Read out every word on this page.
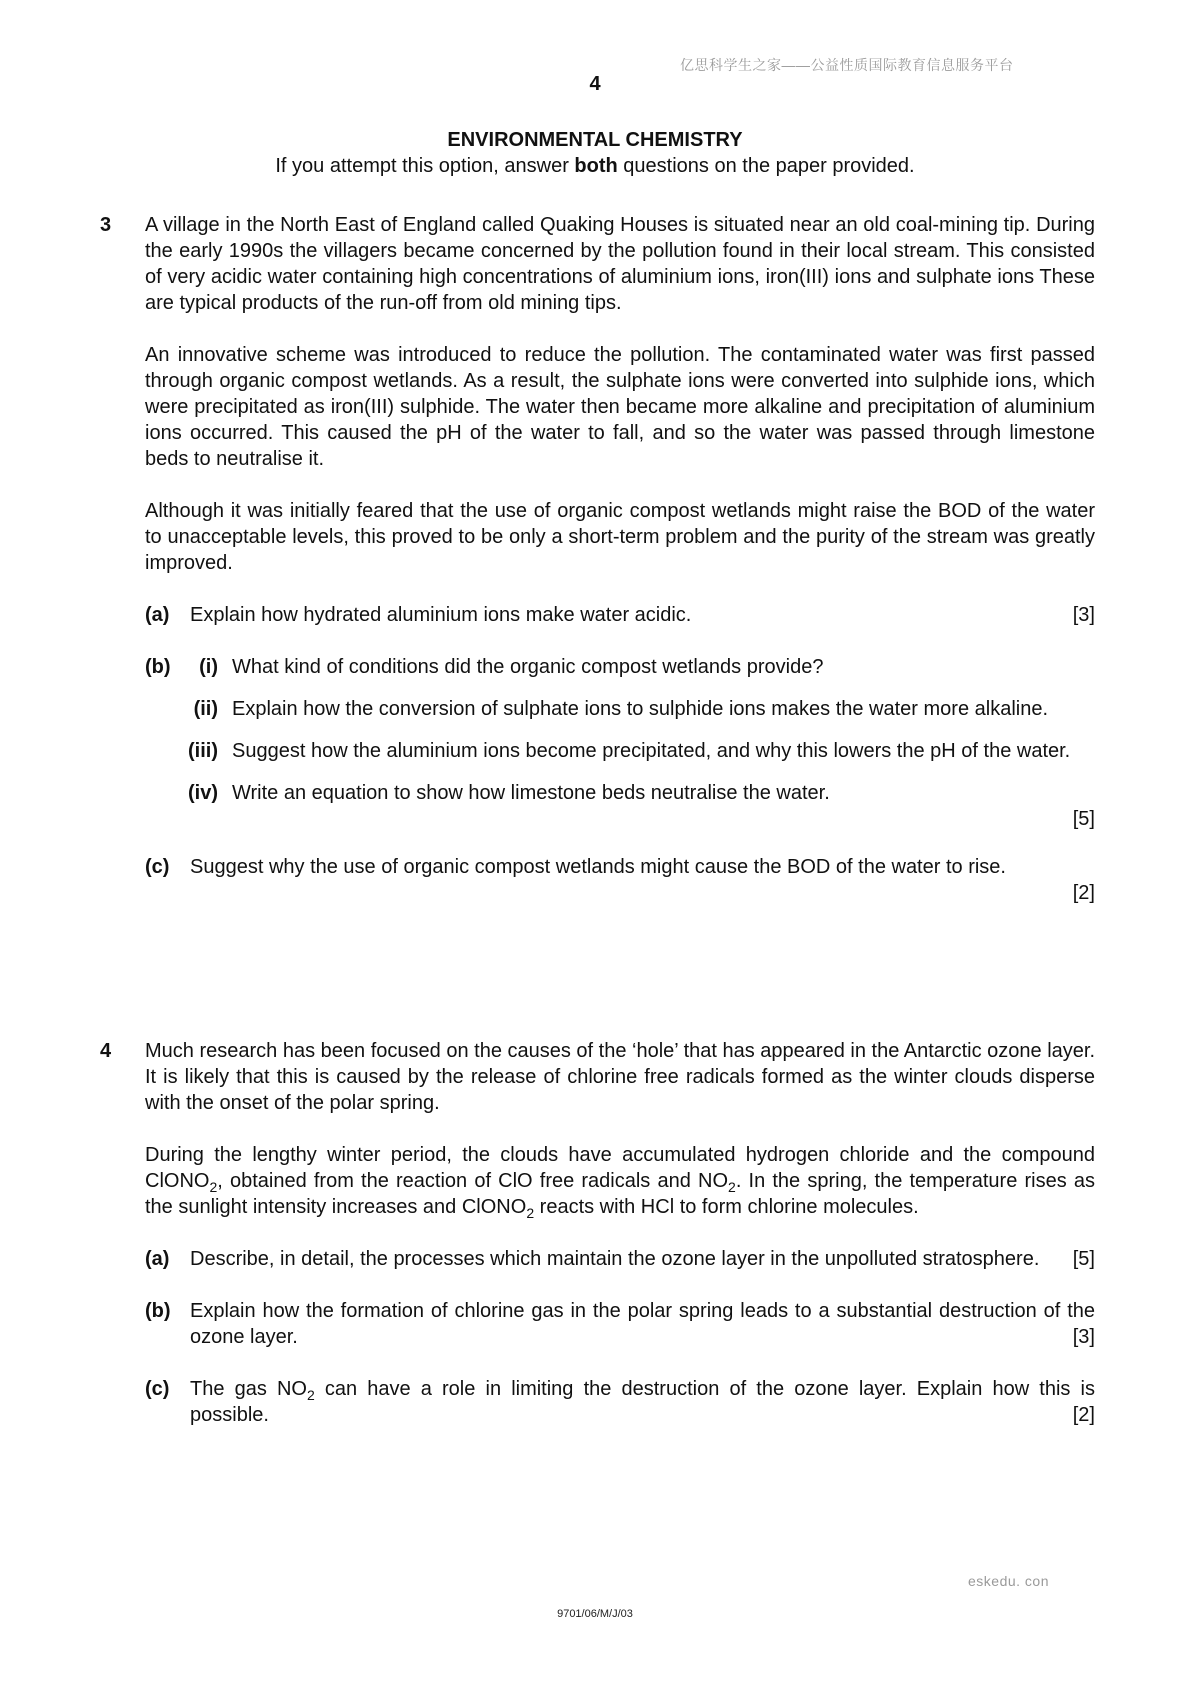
亿思科学生之家——公益性质国际教育信息服务平台
4

ENVIRONMENTAL CHEMISTRY

If you attempt this option, answer both questions on the paper provided.

3 A village in the North East of England called Quaking Houses is situated near an old coal-mining tip. During the early 1990s the villagers became concerned by the pollution found in their local stream. This consisted of very acidic water containing high concentrations of aluminium ions, iron(III) ions and sulphate ions These are typical products of the run-off from old mining tips.

An innovative scheme was introduced to reduce the pollution. The contaminated water was first passed through organic compost wetlands. As a result, the sulphate ions were converted into sulphide ions, which were precipitated as iron(III) sulphide. The water then became more alkaline and precipitation of aluminium ions occurred. This caused the pH of the water to fall, and so the water was passed through limestone beds to neutralise it.

Although it was initially feared that the use of organic compost wetlands might raise the BOD of the water to unacceptable levels, this proved to be only a short-term problem and the purity of the stream was greatly improved.

(a) Explain how hydrated aluminium ions make water acidic.	[3]
(b)	(i) What kind of conditions did the organic compost wetlands provide?
(ii) Explain how the conversion of sulphate ions to sulphide ions makes the water more alkaline.
(iii) Suggest how the aluminium ions become precipitated, and why this lowers the pH of the water.
(iv) Write an equation to show how limestone beds neutralise the water.
[5]
(c) Suggest why the use of organic compost wetlands might cause the BOD of the water to rise.
[2]
4 Much research has been focused on the causes of the ‘hole’ that has appeared in the Antarctic ozone layer. It is likely that this is caused by the release of chlorine free radicals formed as the winter clouds disperse with the onset of the polar spring.

During the lengthy winter period, the clouds have accumulated hydrogen chloride and the compound ClONO$_2$, obtained from the reaction of ClO free radicals and $NO_2$. In the spring, the temperature rises as the sunlight intensity increases and ClONO$_2$ reacts with HCl to form chlorine molecules.

(a) Describe, in detail, the processes which maintain the ozone layer in the unpolluted stratosphere. [5]
(b) Explain how the formation of chlorine gas in the polar spring leads to a substantial destruction of the ozone layer.	[3]
(c) The gas $NO_2$ can have a role in limiting the destruction of the ozone layer. Explain how this is possible.	[2]
eskedu. con
9701/06/M/J/03
